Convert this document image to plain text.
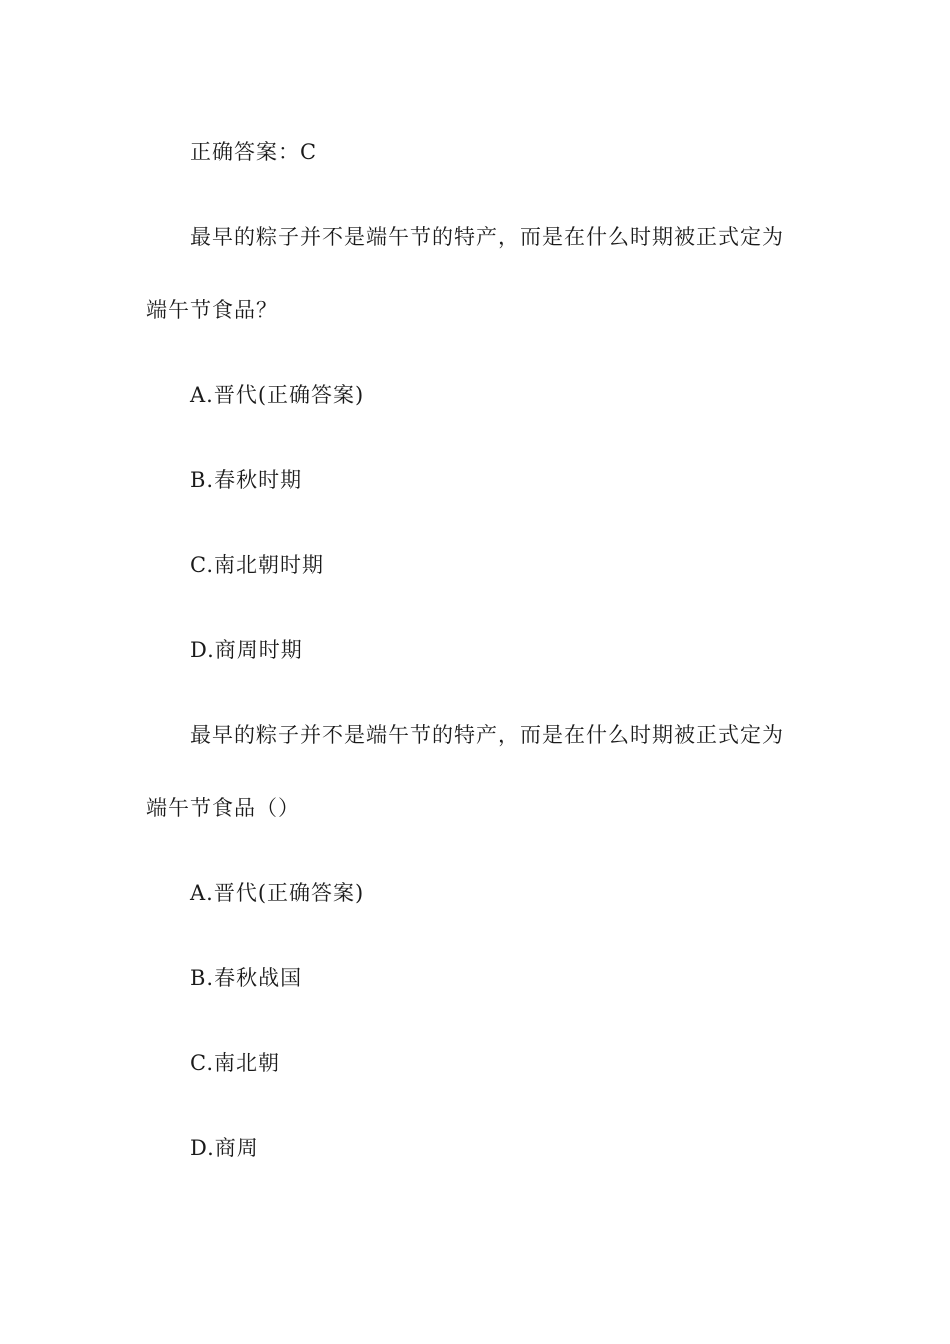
正确答案：C
最早的粽子并不是端午节的特产，而是在什么时期被正式定为
端午节食品？
A.晋代(正确答案)
B.春秋时期
C.南北朝时期
D.商周时期
最早的粽子并不是端午节的特产，而是在什么时期被正式定为
端午节食品（）
A.晋代(正确答案)
B.春秋战国
C.南北朝
D.商周
